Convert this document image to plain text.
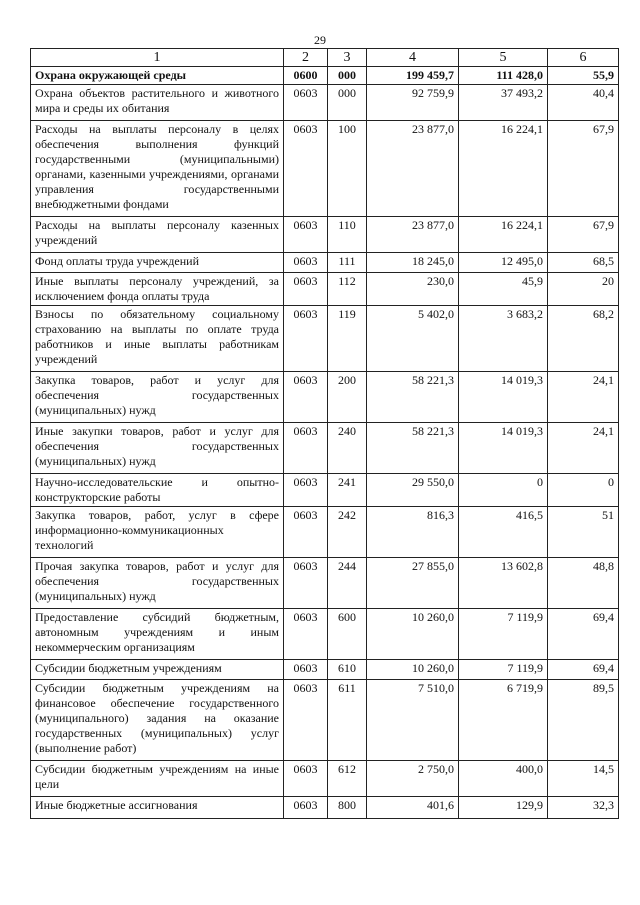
29
1	2	3	4	5	6
Охрана окружающей среды	0600	000	199 459,7	111 428,0	55,9
Охрана объектов растительного и животного мира и среды их обитания	0603	000	92 759,9	37 493,2	40,4
Расходы на выплаты персоналу в целях обеспечения выполнения функций государственными (муниципальными) органами, казенными учреждениями, органами управления государственными внебюджетными фондами	0603	100	23 877,0	16 224,1	67,9
Расходы на выплаты персоналу казенных учреждений	0603	110	23 877,0	16 224,1	67,9
Фонд оплаты труда учреждений	0603	111	18 245,0	12 495,0	68,5
Иные выплаты персоналу учреждений, за исключением фонда оплаты труда	0603	112	230,0	45,9	20
Взносы по обязательному социальному страхованию на выплаты по оплате труда работников и иные выплаты работникам учреждений	0603	119	5 402,0	3 683,2	68,2
Закупка товаров, работ и услуг для обеспечения государственных (муниципальных) нужд	0603	200	58 221,3	14 019,3	24,1
Иные закупки товаров, работ и услуг для обеспечения государственных (муниципальных) нужд	0603	240	58 221,3	14 019,3	24,1
Научно-исследовательские и опытно-конструкторские работы	0603	241	29 550,0	0	0
Закупка товаров, работ, услуг в сфере информационно-коммуникационных технологий	0603	242	816,3	416,5	51
Прочая закупка товаров, работ и услуг для обеспечения государственных (муниципальных) нужд	0603	244	27 855,0	13 602,8	48,8
Предоставление субсидий бюджетным, автономным учреждениям и иным некоммерческим организациям	0603	600	10 260,0	7 119,9	69,4
Субсидии бюджетным учреждениям	0603	610	10 260,0	7 119,9	69,4
Субсидии бюджетным учреждениям на финансовое обеспечение государственного (муниципального) задания на оказание государственных (муниципальных) услуг (выполнение работ)	0603	611	7 510,0	6 719,9	89,5
Субсидии бюджетным учреждениям на иные цели	0603	612	2 750,0	400,0	14,5
Иные бюджетные ассигнования	0603	800	401,6	129,9	32,3
